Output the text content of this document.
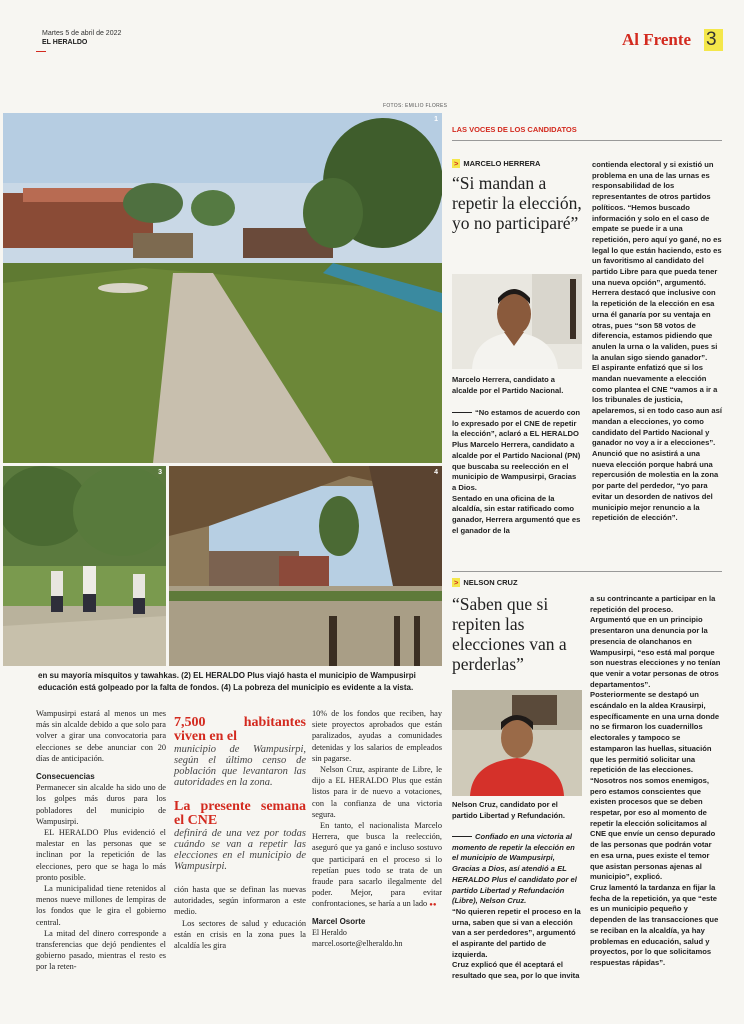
Martes 5 de abril de 2022
EL HERALDO	Al Frente 3
FOTOS: EMILIO FLORES
1
3	4
en su mayoría misquitos y tawahkas. (2) EL HERALDO Plus viajó hasta el municipio de Wampusirpi educación está golpeado por la falta de fondos. (4) La pobreza del municipio es evidente a la vista.

Wampusirpi estará al menos un mes más sin alcalde debido a que solo para volver a girar una convocatoria para elecciones se debe anunciar con 20 días de anticipación.

Consecuencias

Permanecer sin alcalde ha sido uno de los golpes más duros para los pobladores del municipio de Wampusirpi.

EL HERALDO Plus evidenció el malestar en las personas que se inclinan por la repetición de las elecciones, pero que se haga lo más pronto posible.

La municipalidad tiene retenidos al menos nueve millones de lempiras de los fondos que le gira el gobierno central.

La mitad del dinero corresponde a transferencias que dejó pendientes el gobierno pasado, mientras el resto es por la reten-

7,500 habitantes viven en el
municipio de Wampusirpi, según el último censo de población que levantaron las autoridades en la zona.
La presente semana el CNE
definirá de una vez por todas cuándo se van a repetir las elecciones en el municipio de Wampusirpi.

ción hasta que se definan las nuevas autoridades, según informaron a este medio.

Los sectores de salud y educación están en crisis en la zona pues la alcaldía les gira

10% de los fondos que reciben, hay siete proyectos aprobados que están paralizados, ayudas a comunidades detenidas y los salarios de empleados sin pagarse.

Nelson Cruz, aspirante de Libre, le dijo a EL HERALDO Plus que están listos para ir de nuevo a votaciones, con la confianza de una victoria segura.

En tanto, el nacionalista Marcelo Herrera, que busca la reelección, aseguró que ya ganó e incluso sostuvo que participará en el proceso si lo repetían pues todo se trata de un fraude para sacarlo ilegalmente del poder. Mejor, para evitar confrontaciones, se haría a un lado ●●

Marcel Osorte
El Heraldo
marcel.osorte@elheraldo.hn
LAS VOCES DE LOS CANDIDATOS
> MARCELO HERRERA
“Si mandan a repetir la elección, yo no participaré”
Marcelo Herrera, candidato a alcalde por el Partido Nacional.

“No estamos de acuerdo con lo expresado por el CNE de repetir la elección”, aclaró a EL HERALDO Plus Marcelo Herrera, candidato a alcalde por el Partido Nacional (PN) que buscaba su reelección en el municipio de Wampusirpi, Gracias a Dios.

Sentado en una oficina de la alcaldía, sin estar ratificado como ganador, Herrera argumentó que es el ganador de la

contienda electoral y si existió un problema en una de las urnas es responsabilidad de los representantes de otros partidos políticos. “Hemos buscado información y solo en el caso de empate se puede ir a una repetición, pero aquí yo gané, no es legal lo que están haciendo, esto es un favoritismo al candidato del partido Libre para que pueda tener una nueva opción”, argumentó.

Herrera destacó que inclusive con la repetición de la elección en esa urna él ganaría por su ventaja en otras, pues “son 58 votos de diferencia, estamos pidiendo que anulen la urna o la validen, pues si la anulan sigo siendo ganador”.

El aspirante enfatizó que si los mandan nuevamente a elección como plantea el CNE “vamos a ir a los tribunales de justicia, apelaremos, si en todo caso aun así mandan a elecciones, yo como candidato del Partido Nacional y ganador no voy a ir a elecciones”.

Anunció que no asistirá a una nueva elección porque habrá una repercusión de molestia en la zona por parte del perdedor, “yo para evitar un desorden de nativos del municipio mejor renuncio a la repetición de elección”.

> NELSON CRUZ
“Saben que si repiten las elecciones van a perderlas”
Nelson Cruz, candidato por el partido Libertad y Refundación.

Confiado en una victoria al momento de repetir la elección en el municipio de Wampusirpi, Gracias a Dios, así atendió a EL HERALDO Plus el candidato por el partido Libertad y Refundación (Libre), Nelson Cruz.

“No quieren repetir el proceso en la urna, saben que si van a elección van a ser perdedores”, argumentó el aspirante del partido de izquierda.

Cruz explicó que él aceptará el resultado que sea, por lo que invita

a su contrincante a participar en la repetición del proceso.

Argumentó que en un principio presentaron una denuncia por la presencia de olanchanos en Wampusirpi, “eso está mal porque son nuestras elecciones y no tenían que venir a votar personas de otros departamentos”.

Posteriormente se destapó un escándalo en la aldea Krausirpi, específicamente en una urna donde no se firmaron los cuadernillos electorales y tampoco se estamparon las huellas, situación que les permitió solicitar una repetición de las elecciones.

“Nosotros nos somos enemigos, pero estamos conscientes que existen procesos que se deben respetar, por eso al momento de repetir la elección solicitamos al CNE que envíe un censo depurado de las personas que podrán votar en esa urna, pues existe el temor que asistan personas ajenas al municipio”, explicó.

Cruz lamentó la tardanza en fijar la fecha de la repetición, ya que “este es un municipio pequeño y dependen de las transacciones que se reciban en la alcaldía, ya hay problemas en educación, salud y proyectos, por lo que solicitamos respuestas rápidas”.
